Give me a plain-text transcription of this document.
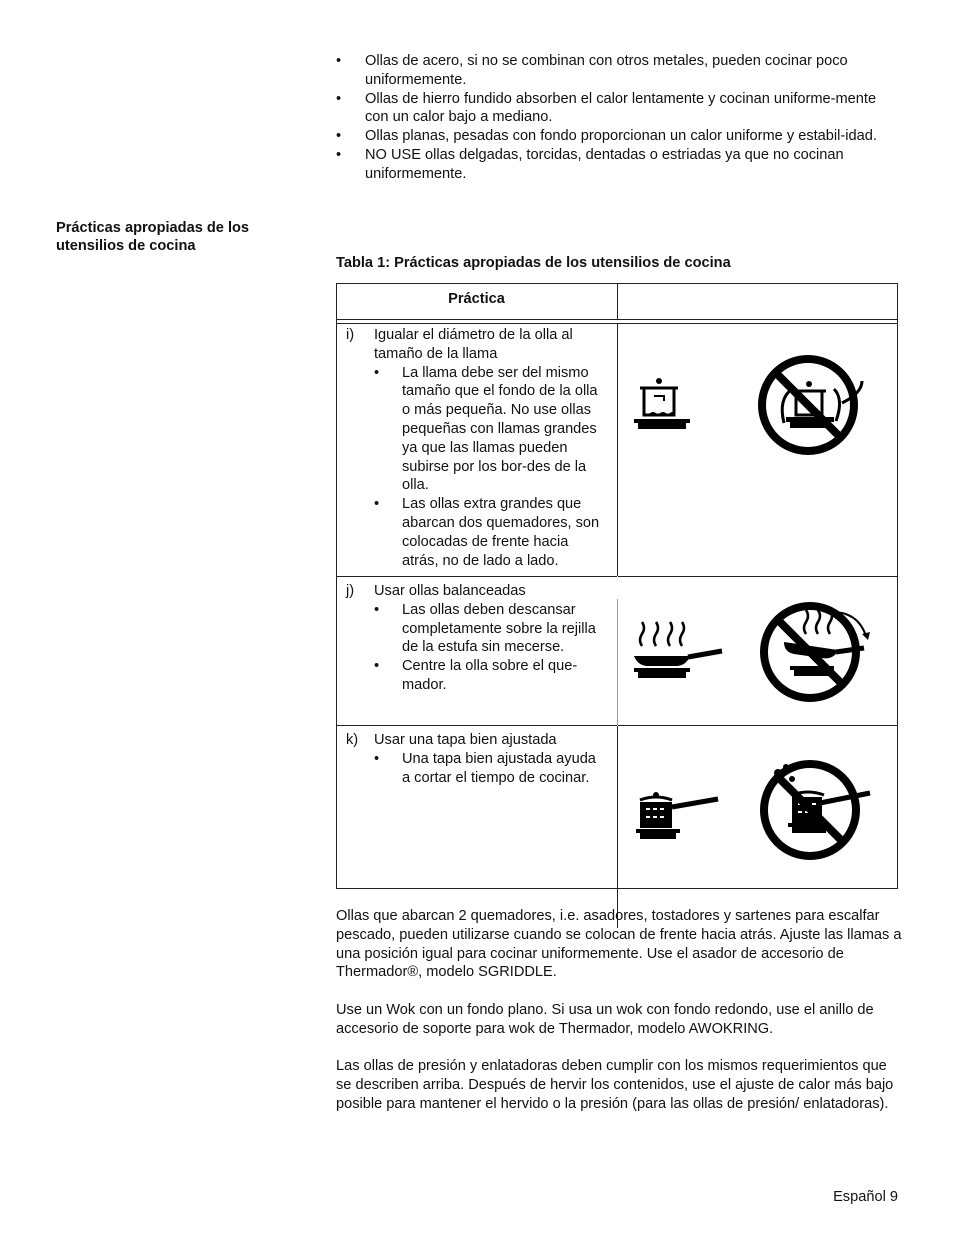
• Ollas de acero, si no se combinan con otros metales, pueden cocinar poco uniformemente.
• Ollas de hierro fundido absorben el calor lentamente y cocinan uniforme-mente con un calor bajo a mediano.
• Ollas planas, pesadas con fondo proporcionan un calor uniforme y estabil-idad.
• NO USE ollas delgadas, torcidas, dentadas o estriadas ya que no cocinan uniformemente.
Prácticas apropiadas de los utensilios de cocina
Tabla 1: Prácticas apropiadas de los utensilios de cocina
Práctica
i) Igualar el diámetro de la olla al tamaño de la llama
• La llama debe ser del mismo tamaño que el fondo de la olla o más pequeña. No use ollas pequeñas con llamas grandes ya que las llamas pueden subirse por los bor-des de la olla.
• Las ollas extra grandes que abarcan dos quemadores, son colocadas de frente hacia atrás, no de lado a lado.
j) Usar ollas balanceadas
• Las ollas deben descansar completamente sobre la rejilla de la estufa sin mecerse.
• Centre la olla sobre el que-mador.
k) Usar una tapa bien ajustada
• Una tapa bien ajustada ayuda a cortar el tiempo de cocinar.
Ollas que abarcan 2 quemadores, i.e. asadores, tostadores y sartenes para escalfar pescado, pueden utilizarse cuando se colocan de frente hacia atrás. Ajuste las llamas a una posición igual para cocinar uniformemente. Use el asador de accesorio de Thermador®, modelo SGRIDDLE.
Use un Wok con un fondo plano. Si usa un wok con fondo redondo, use el anillo de accesorio de soporte para wok de Thermador, modelo AWOKRING.
Las ollas de presión y enlatadoras deben cumplir con los mismos requerimientos que se describen arriba. Después de hervir los contenidos, use el ajuste de calor más bajo posible para mantener el hervido o la presión (para las ollas de presión/ enlatadoras).
Español 9
